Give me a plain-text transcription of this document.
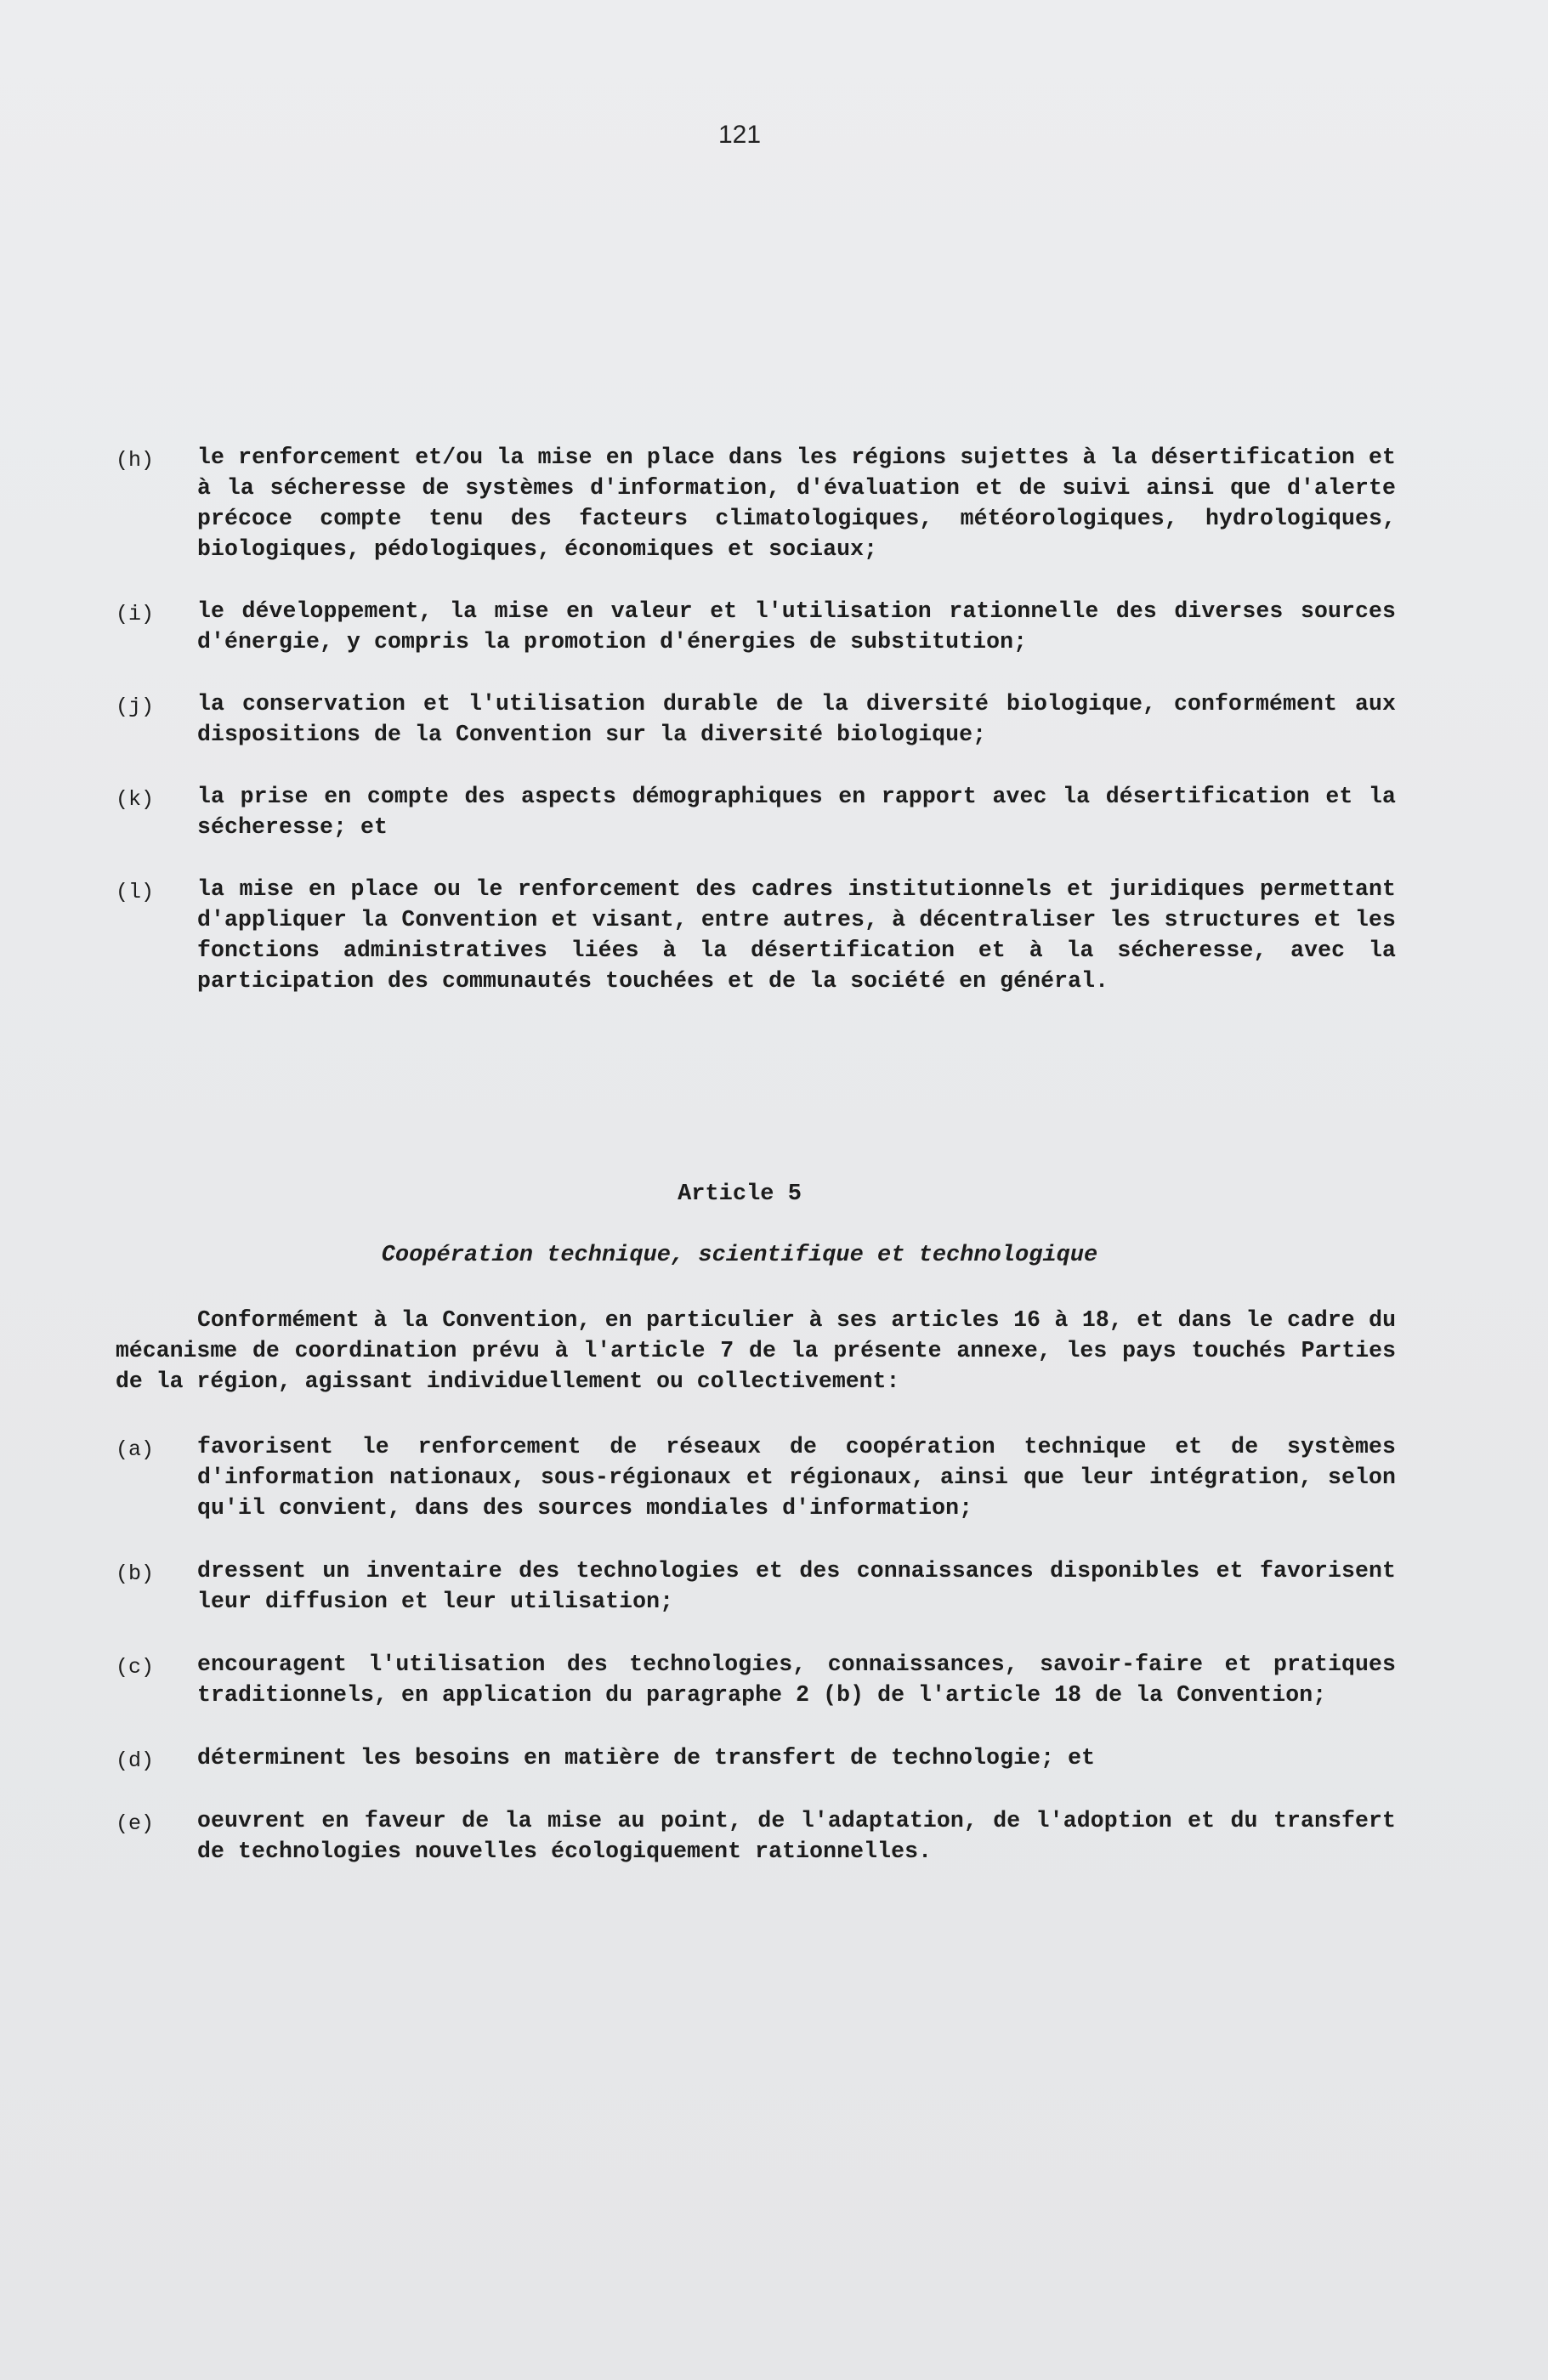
121
(h) le renforcement et/ou la mise en place dans les régions sujettes à la désertification et à la sécheresse de systèmes d'information, d'évaluation et de suivi ainsi que d'alerte précoce compte tenu des facteurs climatologiques, météorologiques, hydrologiques, biologiques, pédologiques, économiques et sociaux;

(i) le développement, la mise en valeur et l'utilisation rationnelle des diverses sources d'énergie, y compris la promotion d'énergies de substitution;

(j) la conservation et l'utilisation durable de la diversité biologique, conformément aux dispositions de la Convention sur la diversité biologique;

(k) la prise en compte des aspects démographiques en rapport avec la désertification et la sécheresse; et

(l) la mise en place ou le renforcement des cadres institutionnels et juridiques permettant d'appliquer la Convention et visant, entre autres, à décentraliser les structures et les fonctions administratives liées à la désertification et à la sécheresse, avec la participation des communautés touchées et de la société en général.

Article 5
Coopération technique, scientifique et technologique

Conformément à la Convention, en particulier à ses articles 16 à 18, et dans le cadre du mécanisme de coordination prévu à l'article 7 de la présente annexe, les pays touchés Parties de la région, agissant individuellement ou collectivement:

(a) favorisent le renforcement de réseaux de coopération technique et de systèmes d'information nationaux, sous-régionaux et régionaux, ainsi que leur intégration, selon qu'il convient, dans des sources mondiales d'information;

(b) dressent un inventaire des technologies et des connaissances disponibles et favorisent leur diffusion et leur utilisation;

(c) encouragent l'utilisation des technologies, connaissances, savoir-faire et pratiques traditionnels, en application du paragraphe 2 (b) de l'article 18 de la Convention;

(d) déterminent les besoins en matière de transfert de technologie; et

(e) oeuvrent en faveur de la mise au point, de l'adaptation, de l'adoption et du transfert de technologies nouvelles écologiquement rationnelles.
